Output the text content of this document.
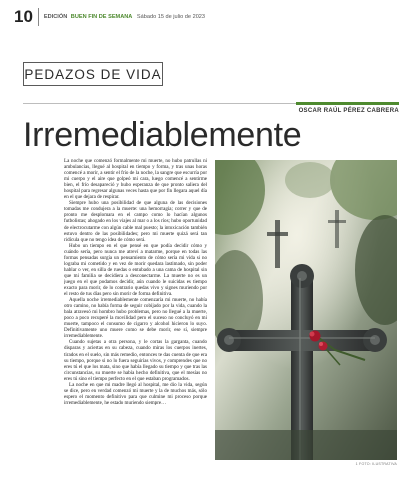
10	EDICIÓN BUEN FIN DE SEMANA Sábado 15 de julio de 2023
PEDAZOS DE VIDA
OSCAR RAÚL PÉREZ CABRERA
Irremediablemente

La noche que comenzó formalmente mi muerte, no hubo patrullas ni ambulancias, llegué al hospital en tiempo y forma, y tras unas horas comencé a morir, a sentir el frío de la noche, la sangre que escurría por mi cuerpo y el aire que golpeó mi cara, luego comencé a sentirme bien, el frío desapareció y hubo esperanza de que pronto saliera del hospital para regresar algunas veces hasta que por fin llegara aquel día en el que dejara de respirar.

Siempre hubo una posibilidad de que alguna de las decisiones tomadas me condujera a la muerte: una hemorragia; correr y que de pronto me desplomara en el campo como lo hacían algunos futbolistas; ahogado en los viajes al mar o a los ríos; hubo oportunidad de electrocutarme con algún cable mal puesto; la intoxicación también estuvo dentro de las posibilidades; pero mi muerte quizá será tan ridícula que no tengo idea de cómo será.

Hubo un tiempo en el que pensé en que podía decidir cómo y cuándo sería, pero nunca me atreví a matarme, porque en todas las formas pensadas surgía un pensamiento de cómo sería mi vida si no lograba mi cometido y en vez de morir quedara lastimado, sin poder hablar o ver, en silla de ruedas o entubado a una cama de hospital sin que mi familia se decidiera a desconectarme. La muerte no es un juego en el que podamos decidir, aún cuando le suicidas es tiempo exacto para morir, de lo contrario quedas vivo y signes muriendo por el resto de tus días pero sin morir de forma definitiva.

Aquella noche irremediablemente comenzaría mi muerte, no había otro camino, no había forma de seguir cobijado por la vida, cuando la bala atravesó mi hombro hubo problemas, pero no llegué a la muerte, poco a poco recuperé la movilidad pero el suceso no concluyó en mi muerte, tampoco el consumo de cigarro y alcohol hicieron lo suyo. Definitivamente uno muere como se debe morir, ese sí, siempre irremediablemente.

Cuando sujetas a otra persona, y le cortas la garganta, cuando disparas y aciertas en su cabeza, cuando miras los cuerpos inertes, tirados en el suelo, sin más remedio, entonces te das cuenta de que era su tiempo, porque si no lo fuera seguirías vivos, y comprendes que no eres tú el que los mata, sino que había llegado su tiempo y que tras las circunstancias, su muerte se había hecho definitiva, que el mesías no eres tú sino el tiempo perfecto en el que estaban programados.

La noche en que mi madre llegó al hospital, me dio la vida, según se dice, pero en verdad comenzó mi muerte y la de muchos más, sólo espero el momento definitivo para que culmine mi proceso porque irremediablemente, he estado muriendo siempre…

1 FOTO: ILUSTRATIVA
